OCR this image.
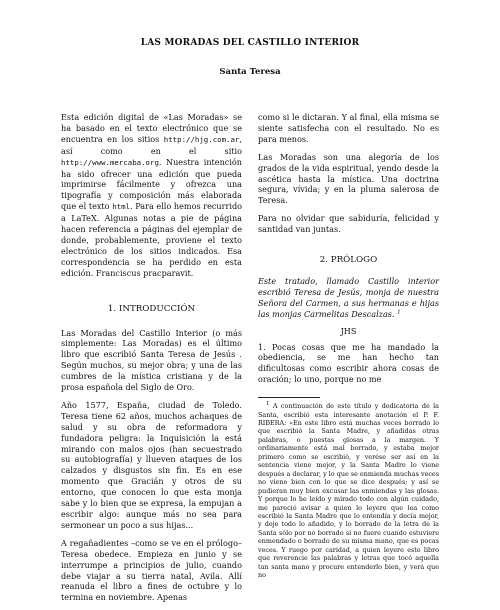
LAS MORADAS DEL CASTILLO INTERIOR
Santa Teresa

Esta edición digital de «Las Moradas» se ha basado en el texto electrónico que se encuentra en los sitios http://hjg.com.ar, así como en el sitio http://www.mercaba.org. Nuestra intención ha sido ofrecer una edición que pueda imprimirse fácilmente y ofrezca una tipografía y composición más elaborada que el texto html. Para ello hemos recurrido a LaTeX. Algunas notas a pie de página hacen referencia a páginas del ejemplar de donde, probablemente, proviene el texto electrónico de los sitios indicados. Esa correspondencia se ha perdido en esta edición. Franciscus pracparavit.

1. INTRODUCCIÓN

Las Moradas del Castillo Interior (o más simplemente: Las Moradas) es el último libro que escribió Santa Teresa de Jesús . Según muchos, su mejor obra; y una de las cumbres de la mística cristiana y de la prosa española del Siglo de Oro.

Año 1577, España, ciudad de Toledo. Teresa tiene 62 años, muchos achaques de salud y su obra de reformadora y fundadora peligra: la Inquisición la está mirando con malos ojos (han secuestrado su autobiografía) y llueven ataques de los calzados y disgustos sin fin. Es en ese momento que Gracián y otros de su entorno, que conocen lo que esta monja sabe y lo bien que se expresa, la empujan a escribir algo: aunque más no sea para sermonear un poco a sus hijas...

A regañadientes –como se ve en el prólogo– Teresa obedece. Empieza en junio y se interrumpe a principios de julio, cuando debe viajar a su tierra natal, Avila. Allí reanuda el libro a fines de octubre y lo termina en noviembre. Apenas

como si le dictaran. Y al final, ella misma se siente satisfecha con el resultado. No es para menos.

Las Moradas son una alegoría de los grados de la vida espiritual, yendo desde la ascética hasta la mística. Una doctrina segura, vívida; y en la pluma salerosa de Teresa.

Para no olvidar que sabiduría, felicidad y santidad van juntas.

2. PRÓLOGO

Este tratado, llamado Castillo interior escribió Teresa de Jesús, monja de nuestra Señora del Carmen, a sus hermanas e hijas las monjas Carmelitas Descalzas. $^1$

JHS

1. Pocas cosas que me ha mandado la obediencia, se me han hecho tan dificultosas como escribir ahora cosas de oración; lo uno, porque no me

$^1$ A continuación de este título y dedicatoria de la Santa, escribió esta interesante anotación el P. F. RIBERA: «En este libro está muchas veces borrado lo que escribió la Santa Madre, y añadidas otras palabras, o puestas glosas a la margen. Y ordinariamente está mal borrado, y estaba mejor primero como se escribió, y verése ser así en la sentencia viene mejor, y la Santa Madre lo viene después a declarar, y lo que se enmienda muchas veces no viene bien con lo que se dice después; y así se pudieran muy bien excusar las enmiendas y las glosas. Y porque lo he leído y mirado todo con algún cuidado, me pareció avisar a quien lo leyere que lea como escribió la Santa Madre que lo entendía y decía mejor, y deje todo lo añadido, y lo borrado de la letra de la Santa sólo por no borrado si no fuere cuando estuviere enmendado o borrado de su misma mano, que es pocas veces. Y ruego por caridad, a quien leyere este libro que reverencie las palabras y letras que tocó aquella tan santa mano y procure entenderlo bien, y verá que no
